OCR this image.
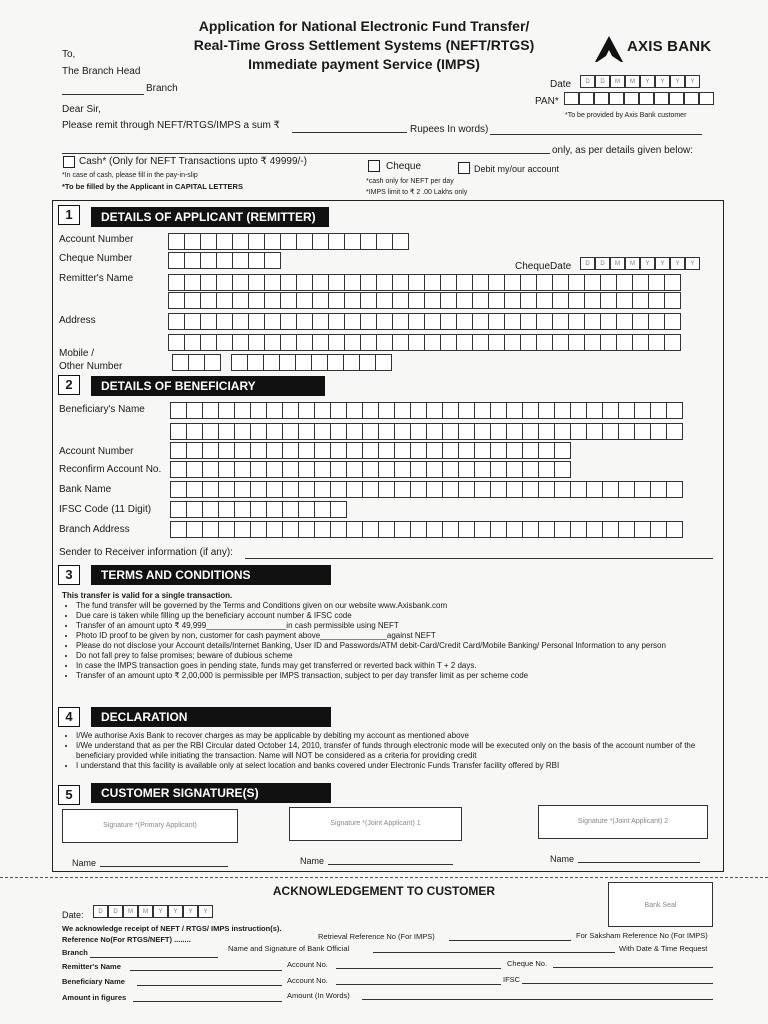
Application for National Electronic Fund Transfer/
Real-Time Gross Settlement Systems (NEFT/RTGS)
Immediate payment Service (IMPS)
AXIS BANK
To,
The Branch Head
Branch
Dear Sir,
Please remit through NEFT/RTGS/IMPS a sum ₹	Rupees In words)
only, as per details given below:
Date	D	D	M	M	Y	Y	Y	Y
PAN*
*To be provided by Axis Bank customer
Cash* (Only for NEFT Transactions upto ₹ 49999/-)
*In case of cash, please fill in the pay-in-slip
*To be filled by the Applicant in CAPITAL LETTERS
Cheque	Debit my/our account
*cash only for NEFT per day
*IMPS limit to ₹ 2 .00 Lakhs only
1	DETAILS OF APPLICANT (REMITTER)
Account Number
Cheque Number
ChequeDate	D	D	M	M	Y	Y	Y	Y
Remitter's Name
Address
Mobile /
Other Number
2	DETAILS OF BENEFICIARY
Beneficiary's Name
Account Number
Reconfirm Account No.
Bank Name
IFSC Code (11 Digit)
Branch Address
Sender to Receiver information (if any):
3	TERMS AND CONDITIONS
This transfer is valid for a single transaction.
• The fund transfer will be governed by the Terms and Conditions given on our website www.Axisbank.com
• Due care is taken while filling up the beneficiary account number & IFSC code
• Transfer of an amount upto ₹ 49,999__________________in cash permissible using NEFT
• Photo ID proof to be given by non, customer for cash payment above_______________against NEFT
• Please do not disclose your Account details/Internet Banking, User ID and Passwords/ATM debit-Card/Credit Card/Mobile Banking/ Personal Information to any person
• Do not fall prey to false promises; beware of dubious scheme
• In case the IMPS transaction goes in pending state, funds may get transferred or reverted back within T + 2 days.
• Transfer of an amount upto ₹ 2,00,000 is permissible per IMPS transaction, subject to per day transfer limit as per scheme code
4	DECLARATION
• I/We authorise Axis Bank to recover charges as may be applicable by debiting my account as mentioned above
• I/We understand that as per the RBI Circular dated October 14, 2010, transfer of funds through electronic mode will be executed only on the basis of the account number of the beneficiary provided while initiating the transaction. Name will NOT be considered as a criteria for providing credit
• I understand that this facility is available only at select location and banks covered under Electronic Funds Transfer facility offered by RBI
5	CUSTOMER SIGNATURE(S)
Signature *(Primary Applicant)	Signature *(Joint Applicant) 1	Signature *(Joint Applicant) 2
Name	Name	Name
ACKNOWLEDGEMENT TO CUSTOMER
Bank Seal
Date:	D	D	M	M	Y	Y	Y	Y
We acknowledge receipt of NEFT / RTGS/ IMPS instruction(s).
Reference No(For RTGS/NEFT) ........	Retrieval Reference No (For IMPS)	For Saksham Reference No (For IMPS)
Branch	Name and Signature of Bank Official	With Date & Time Request
Remitter's Name	Account No.	Cheque No.
Beneficiary Name	Account No.	IFSC
Amount in figures	Amount (In Words)
